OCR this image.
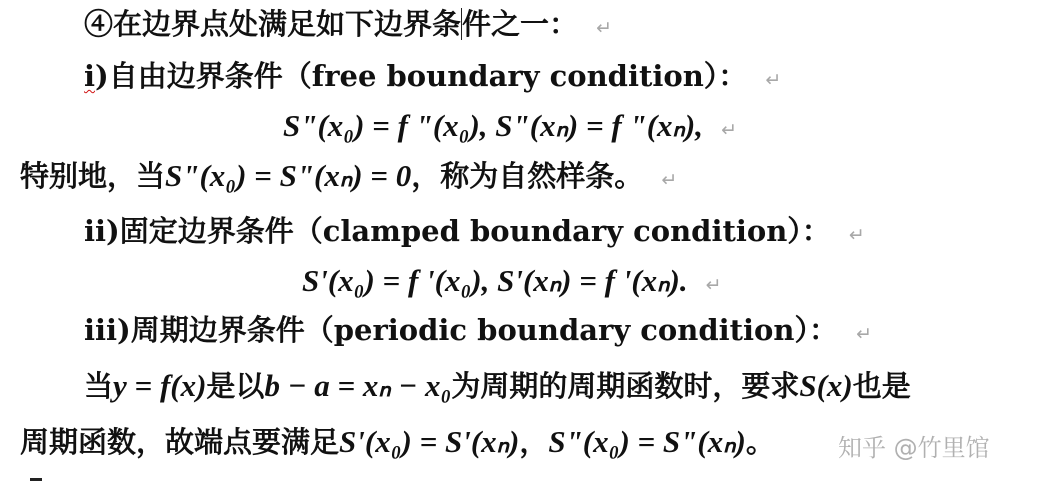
④在边界点处满足如下边界条件之一： ↵
i)自由边界条件（free boundary condition）： ↵
S"(x₀) = f "(x₀), S"(xₙ) = f "(xₙ), ↵
特别地，当S"(x₀) = S"(xₙ) = 0，称为自然样条。 ↵
ii)固定边界条件（clamped boundary condition）： ↵
S'(x₀) = f '(x₀), S'(xₙ) = f '(xₙ). ↵
iii)周期边界条件（periodic boundary condition）： ↵
当y = f(x)是以b − a = xₙ − x₀为周期的周期函数时，要求S(x)也是
周期函数，故端点要满足S'(x₀) = S'(xₙ)，S"(x₀) = S"(xₙ)。	知乎 @竹里馆
